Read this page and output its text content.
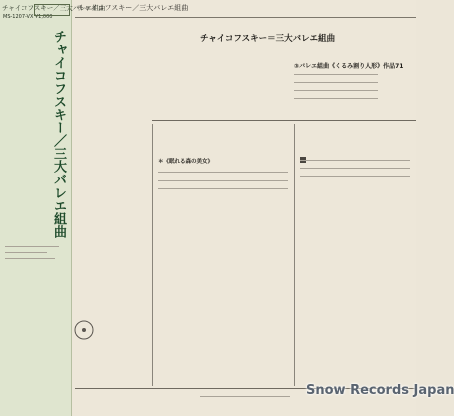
チャイコフスキー／三大バレエ組曲
MS-1207-VX ¥1,000
チャイコフスキー／三大バレエ組曲
チャイコフスキー／三大バレエ組曲
チャイコフスキー＝三大バレエ組曲
③バレエ組曲《くるみ割り人形》作品71
＊《眠れる森の美女》
Snow Records Japan
